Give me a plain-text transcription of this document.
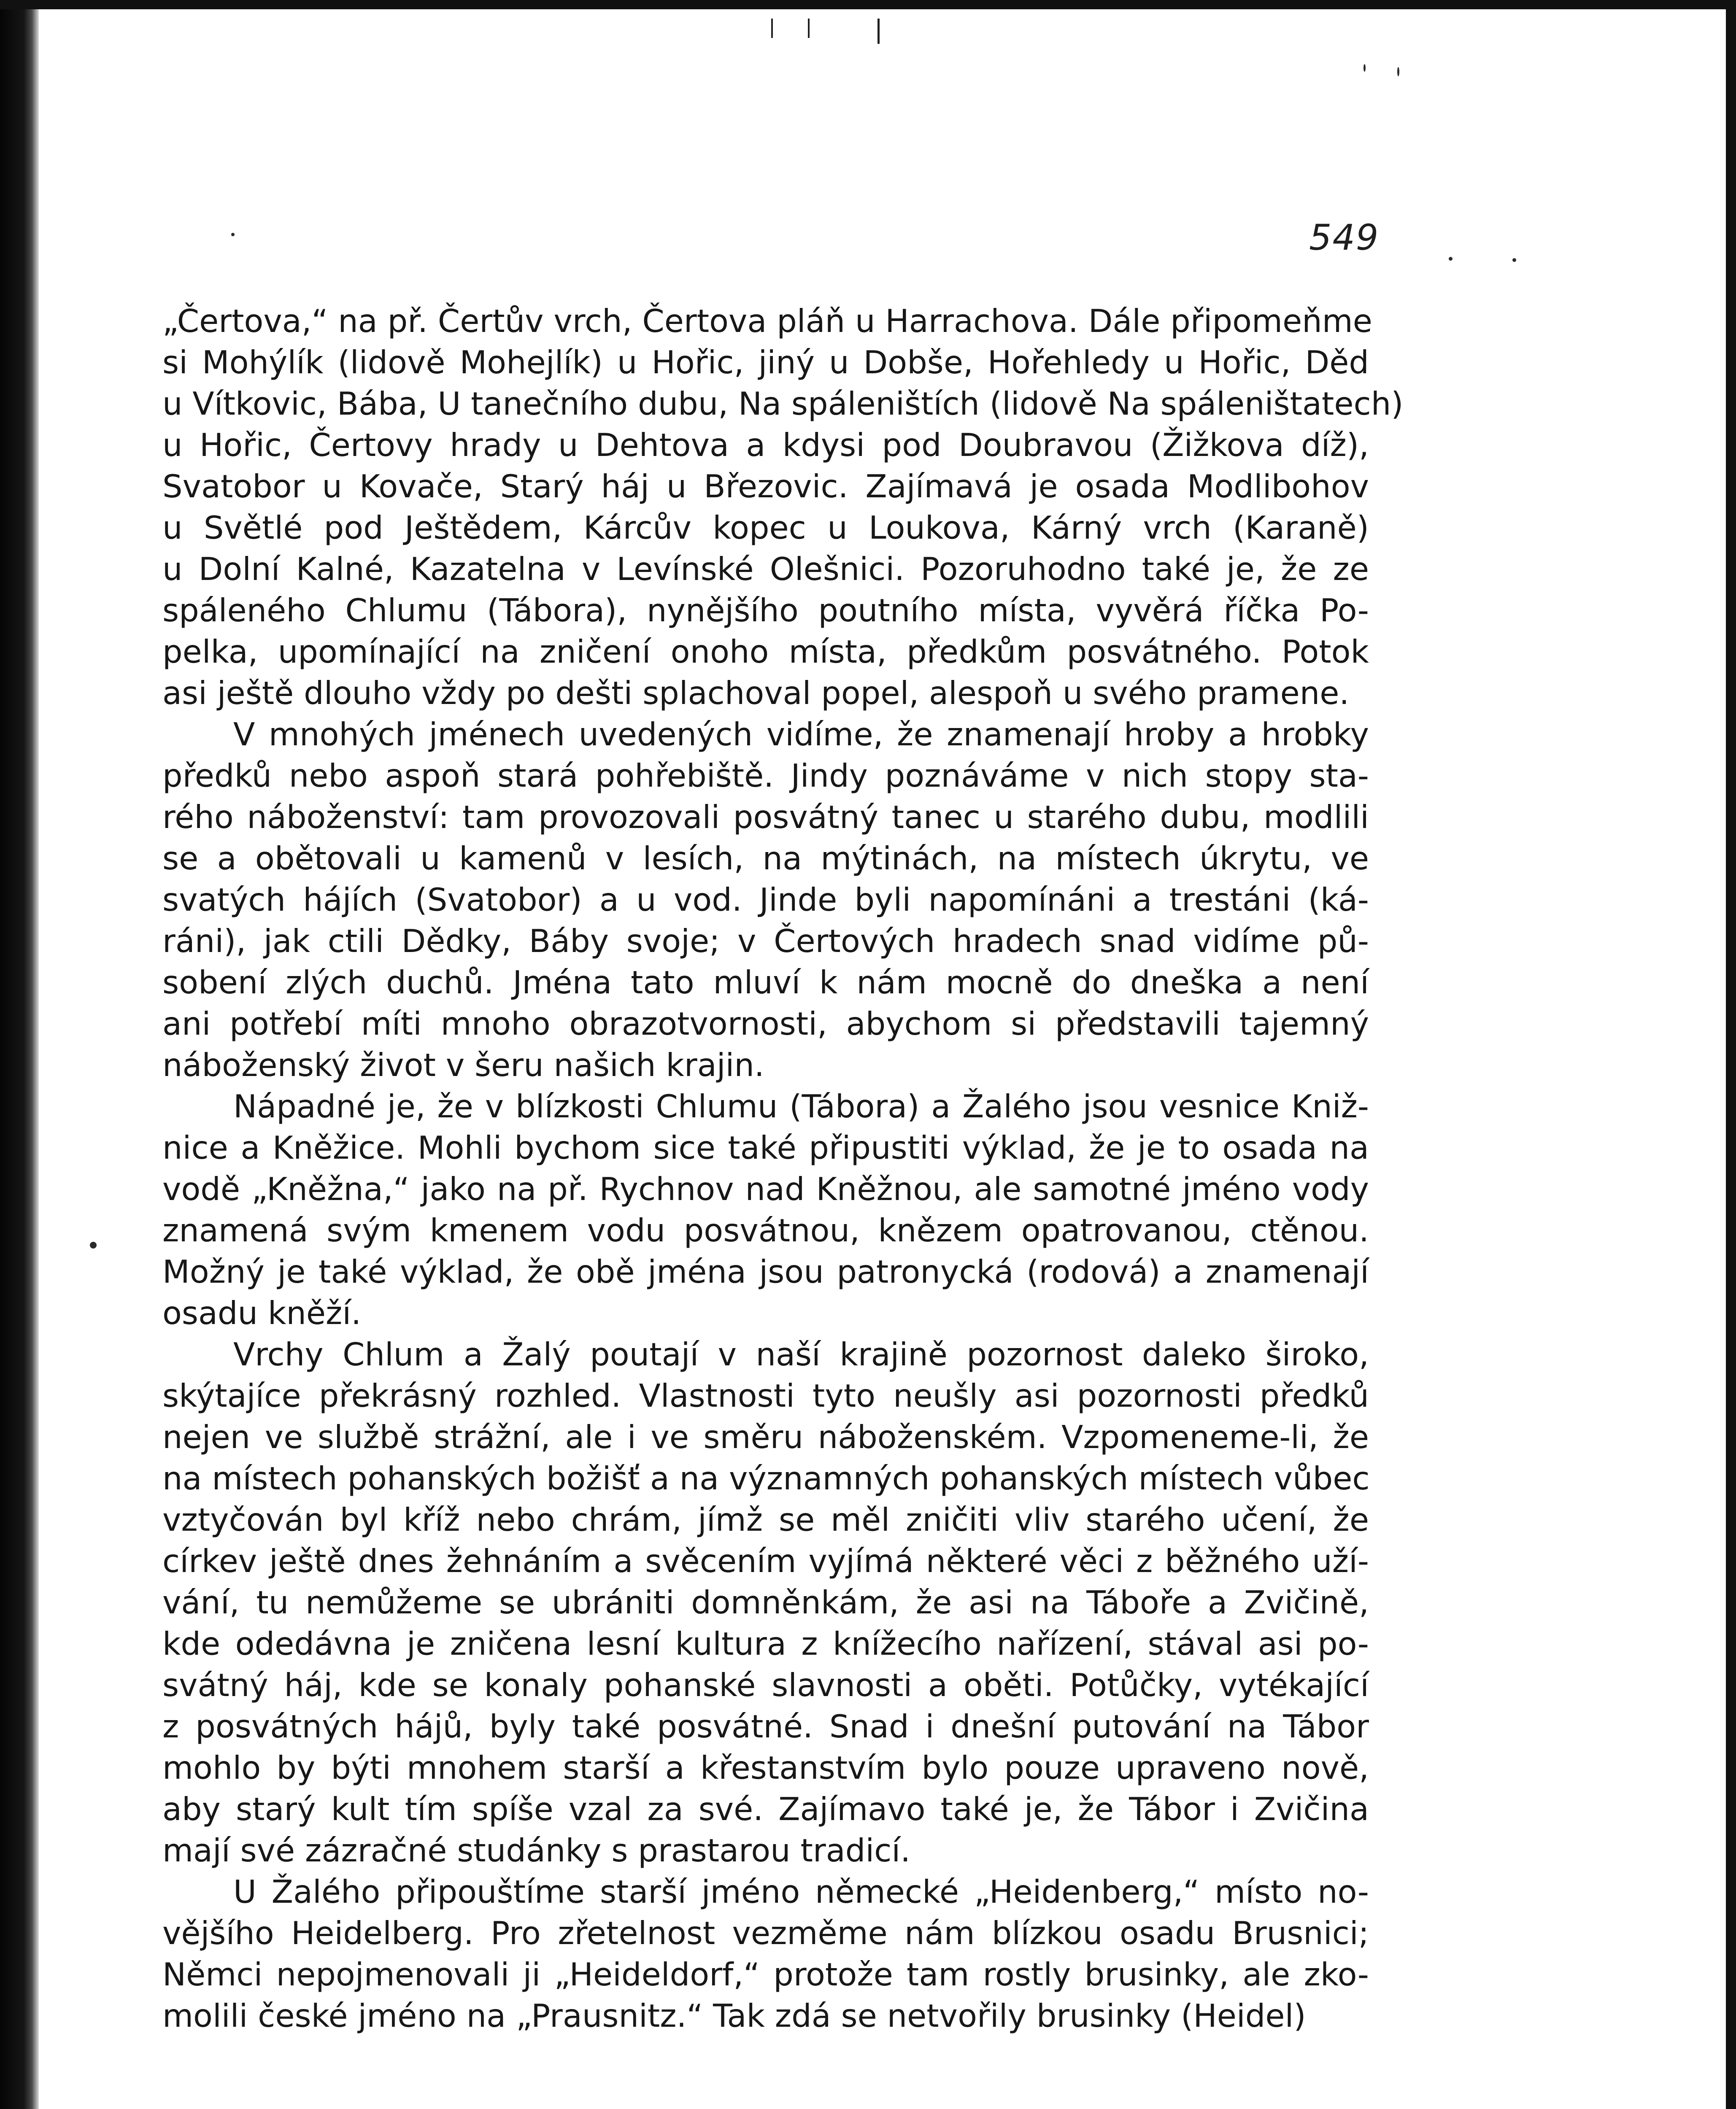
549
„Čertova,“ na př. Čertův vrch, Čertova pláň u Harrachova. Dále připomeňme
si Mohýlík (lidově Mohejlík) u Hořic, jiný u Dobše, Hořehledy u Hořic, Děd
u Vítkovic, Bába, U tanečního dubu, Na spáleništích (lidově Na spáleništatech)
u Hořic, Čertovy hrady u Dehtova a kdysi pod Doubravou (Žižkova díž),
Svatobor u Kovače, Starý háj u Březovic. Zajímavá je osada Modlibohov
u Světlé pod Ještědem, Kárcův kopec u Loukova, Kárný vrch (Karaně)
u Dolní Kalné, Kazatelna v Levínské Olešnici. Pozoruhodno také je, že ze
spáleného Chlumu (Tábora), nynějšího poutního místa, vyvěrá říčka Po-
pelka, upomínající na zničení onoho místa, předkům posvátného. Potok
asi ještě dlouho vždy po dešti splachoval popel, alespoň u svého pramene.
V mnohých jménech uvedených vidíme, že znamenají hroby a hrobky
předků nebo aspoň stará pohřebiště. Jindy poznáváme v nich stopy sta-
rého náboženství: tam provozovali posvátný tanec u starého dubu, modlili
se a obětovali u kamenů v lesích, na mýtinách, na místech úkrytu, ve
svatých hájích (Svatobor) a u vod. Jinde byli napomínáni a trestáni (ká-
ráni), jak ctili Dědky, Báby svoje; v Čertových hradech snad vidíme pů-
sobení zlých duchů. Jména tato mluví k nám mocně do dneška a není
ani potřebí míti mnoho obrazotvornosti, abychom si představili tajemný
náboženský život v šeru našich krajin.
Nápadné je, že v blízkosti Chlumu (Tábora) a Žalého jsou vesnice Kniž-
nice a Kněžice. Mohli bychom sice také připustiti výklad, že je to osada na
vodě „Kněžna,“ jako na př. Rychnov nad Kněžnou, ale samotné jméno vody
znamená svým kmenem vodu posvátnou, knězem opatrovanou, ctěnou.
Možný je také výklad, že obě jména jsou patronycká (rodová) a znamenají
osadu kněží.
Vrchy Chlum a Žalý poutají v naší krajině pozornost daleko široko,
skýtajíce překrásný rozhled. Vlastnosti tyto neušly asi pozornosti předků
nejen ve službě strážní, ale i ve směru náboženském. Vzpomeneme-li, že
na místech pohanských božišť a na významných pohanských místech vůbec
vztyčován byl kříž nebo chrám, jímž se měl zničiti vliv starého učení, že
církev ještě dnes žehnáním a svěcením vyjímá některé věci z běžného uží-
vání, tu nemůžeme se ubrániti domněnkám, že asi na Táboře a Zvičině,
kde odedávna je zničena lesní kultura z knížecího nařízení, stával asi po-
svátný háj, kde se konaly pohanské slavnosti a oběti. Potůčky, vytékající
z posvátných hájů, byly také posvátné. Snad i dnešní putování na Tábor
mohlo by býti mnohem starší a křestanstvím bylo pouze upraveno nově,
aby starý kult tím spíše vzal za své. Zajímavo také je, že Tábor i Zvičina
mají své zázračné studánky s prastarou tradicí.
U Žalého připouštíme starší jméno německé „Heidenberg,“ místo no-
vějšího Heidelberg. Pro zřetelnost vezměme nám blízkou osadu Brusnici;
Němci nepojmenovali ji „Heideldorf,“ protože tam rostly brusinky, ale zko-
molili české jméno na „Prausnitz.“ Tak zdá se netvořily brusinky (Heidel)
